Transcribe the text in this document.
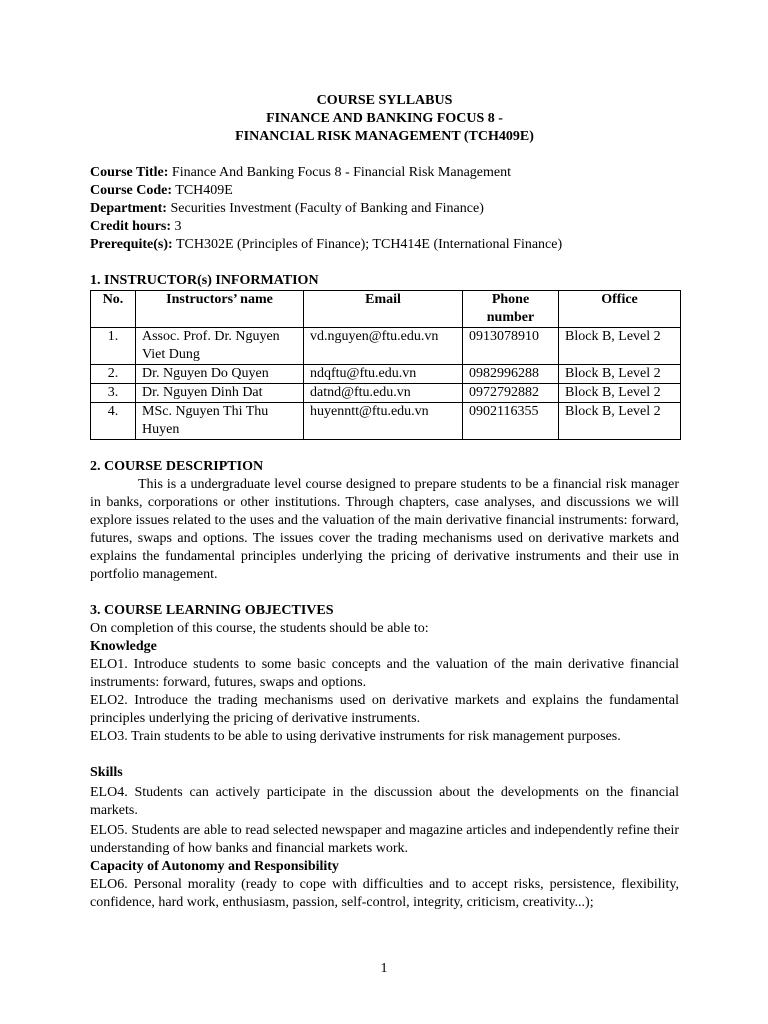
COURSE SYLLABUS
FINANCE AND BANKING FOCUS 8 -
FINANCIAL RISK MANAGEMENT (TCH409E)
Course Title: Finance And Banking Focus 8 - Financial Risk Management
Course Code: TCH409E
Department: Securities Investment (Faculty of Banking and Finance)
Credit hours: 3
Prerequite(s): TCH302E (Principles of Finance); TCH414E (International Finance)
1. INSTRUCTOR(s) INFORMATION
No.	Instructors’ name	Email	Phone number	Office
1.	Assoc. Prof. Dr. Nguyen Viet Dung	vd.nguyen@ftu.edu.vn	0913078910	Block B, Level 2
2.	Dr. Nguyen Do Quyen	ndqftu@ftu.edu.vn	0982996288	Block B, Level 2
3.	Dr. Nguyen Dinh Dat	datnd@ftu.edu.vn	0972792882	Block B, Level 2
4.	MSc. Nguyen Thi Thu Huyen	huyenntt@ftu.edu.vn	0902116355	Block B, Level 2
2. COURSE DESCRIPTION
This is a undergraduate level course designed to prepare students to be a financial risk manager in banks, corporations or other institutions. Through chapters, case analyses, and discussions we will explore issues related to the uses and the valuation of the main derivative financial instruments: forward, futures, swaps and options. The issues cover the trading mechanisms used on derivative markets and explains the fundamental principles underlying the pricing of derivative instruments and their use in portfolio management.
3. COURSE LEARNING OBJECTIVES
On completion of this course, the students should be able to:
Knowledge
ELO1. Introduce students to some basic concepts and the valuation of the main derivative financial instruments: forward, futures, swaps and options.
ELO2. Introduce the trading mechanisms used on derivative markets and explains the fundamental principles underlying the pricing of derivative instruments.
ELO3. Train students to be able to using derivative instruments for risk management purposes.
Skills
ELO4. Students can actively participate in the discussion about the developments on the financial markets.
ELO5. Students are able to read selected newspaper and magazine articles and independently refine their understanding of how banks and financial markets work.
Capacity of Autonomy and Responsibility
ELO6. Personal morality (ready to cope with difficulties and to accept risks, persistence, flexibility, confidence, hard work, enthusiasm, passion, self-control, integrity, criticism, creativity...);
1
